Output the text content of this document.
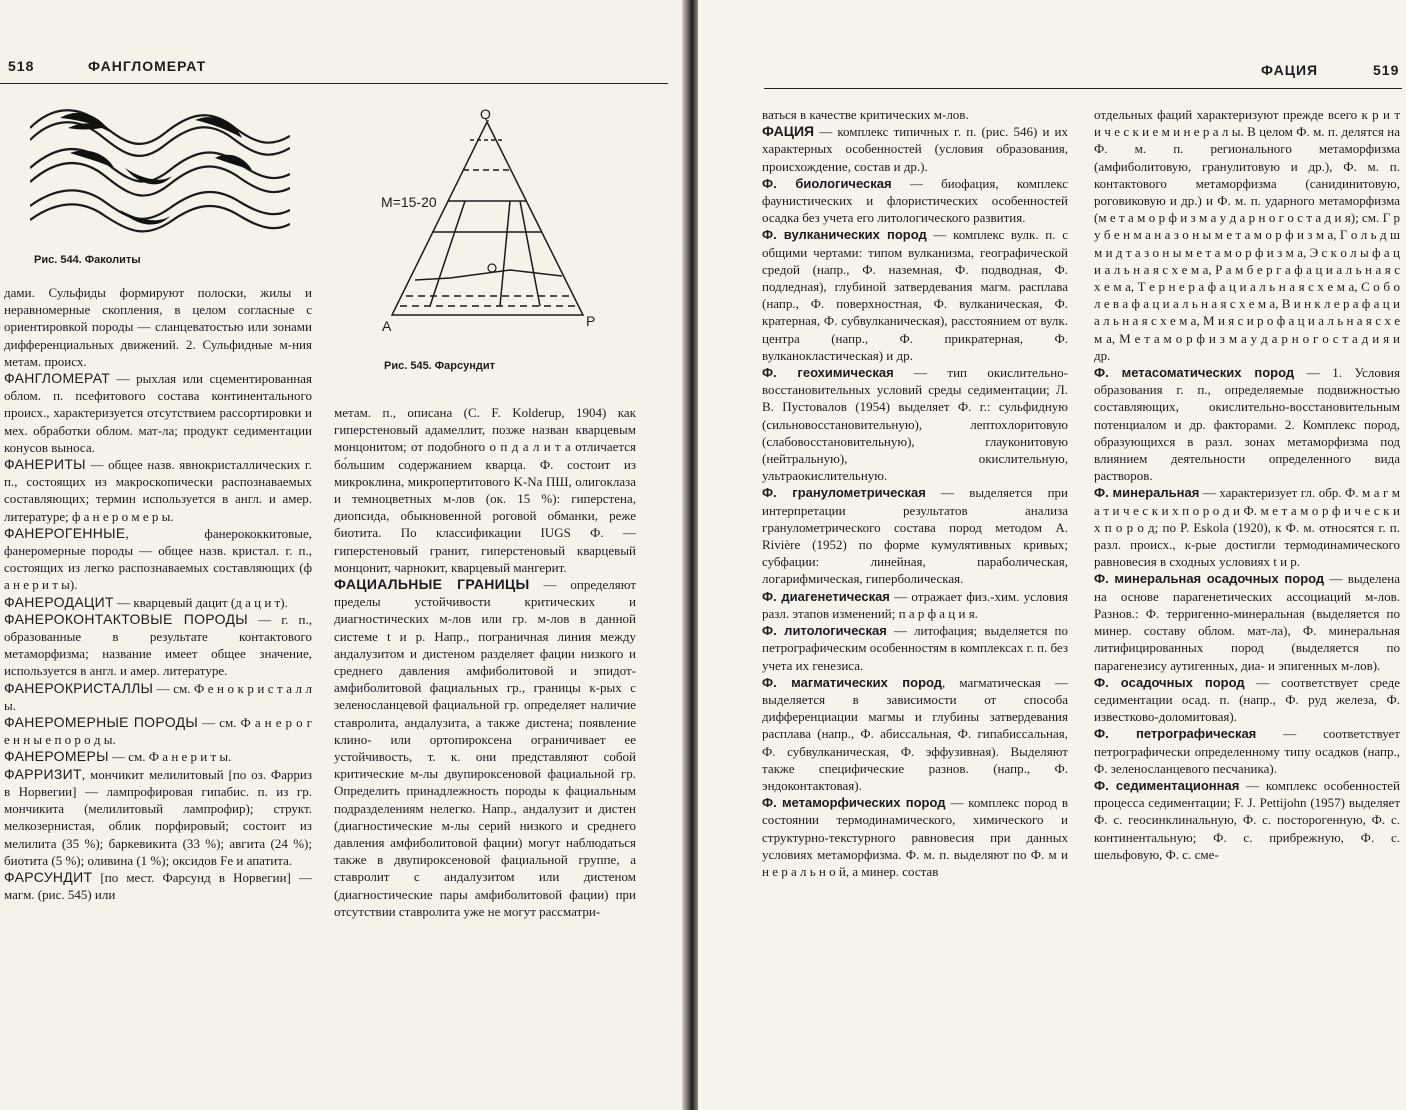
518	ФАНГЛОМЕРАТ
Рис. 544. Факолиты
Q
A	P
M=15-20
Рис. 545. Фарсундит

дами. Сульфиды формируют полоски, жилы и неравномерные скопления, в целом согласные с ориентировкой породы — сланцеватостью или зонами дифференциальных движений. 2. Сульфидные м-ния метам. происх.

ФАНГЛОМЕРАТ — рыхлая или сцементированная облом. п. псефитового состава континентального происх., характеризуется отсутствием рассортировки и мех. обработки облом. мат-ла; продукт седиментации конусов выноса.

ФАНЕРИТЫ — общее назв. явнокристаллических г. п., состоящих из макроскопически распознаваемых составляющих; термин используется в англ. и амер. литературе; ф а н е р о м е р ы.

ФАНЕРОГЕННЫЕ, фанерококкитовые, фанеромерные породы — общее назв. кристал. г. п., состоящих из легко распознаваемых составляющих (ф а н е р и т ы).

ФАНЕРОДАЦИТ — кварцевый дацит (д а ц и т).

ФАНЕРОКОНТАКТОВЫЕ ПОРОДЫ — г. п., образованные в результате контактового метаморфизма; название имеет общее значение, используется в англ. и амер. литературе.

ФАНЕРОКРИСТАЛЛЫ — см. Ф е н о к р и с т а л л ы.

ФАНЕРОМЕРНЫЕ ПОРОДЫ — см. Ф а н е р о г е н н ы е п о р о д ы.

ФАНЕРОМЕРЫ — см. Ф а н е р и т ы.

ФАРРИЗИТ, мончикит мелилитовый [по оз. Фарриз в Норвегии] — лампрофировая гипабис. п. из гр. мончикита (мелилитовый лампрофир); структ. мелкозернистая, облик порфировый; состоит из мелилита (35 %); баркевикита (33 %); авгита (24 %); биотита (5 %); оливина (1 %); оксидов Fe и апатита.

ФАРСУНДИТ [по мест. Фарсунд в Норвегии] — магм. (рис. 545) или

метам. п., описана (C. F. Kolderup, 1904) как гиперстеновый адамеллит, позже назван кварцевым монцонитом; от подобного о п д а л и т а отличается бо́льшим содержанием кварца. Ф. состоит из микроклина, микропертитового K-Na ПШ, олигоклаза и темноцветных м-лов (ок. 15 %): гиперстена, диопсида, обыкновенной роговой обманки, реже биотита. По классификации IUGS Ф. — гиперстеновый гранит, гиперстеновый кварцевый монцонит, чарнокит, кварцевый мангерит.

ФАЦИАЛЬНЫЕ ГРАНИЦЫ — определяют пределы устойчивости критических и диагностических м-лов или гр. м-лов в данной системе t и p. Напр., пограничная линия между андалузитом и дистеном разделяет фации низкого и среднего давления амфиболитовой и эпидот-амфиболитовой фациальных гр., границы к-рых с зеленосланцевой фациальной гр. определяет наличие ставролита, андалузита, а также дистена; появление клино- или ортопироксена ограничивает ее устойчивость, т. к. они представляют собой критические м-лы двупироксеновой фациальной гр. Определить принадлежность породы к фациальным подразделениям нелегко. Напр., андалузит и дистен (диагностические м-лы серий низкого и среднего давления амфиболитовой фации) могут наблюдаться также в двупироксеновой фациальной группе, а ставролит с андалузитом или дистеном (диагностические пары амфиболитовой фации) при отсутствии ставролита уже не могут рассматри-

ФАЦИЯ	519

ваться в качестве критических м-лов.

ФАЦИЯ — комплекс типичных г. п. (рис. 546) и их характерных особенностей (условия образования, происхождение, состав и др.).

Ф. биологическая — биофация, комплекс фаунистических и флористических особенностей осадка без учета его литологического развития.

Ф. вулканических пород — комплекс вулк. п. с общими чертами: типом вулканизма, географической средой (напр., Ф. наземная, Ф. подводная, Ф. подледная), глубиной затвердевания магм. расплава (напр., Ф. поверхностная, Ф. вулканическая, Ф. кратерная, Ф. субвулканическая), расстоянием от вулк. центра (напр., Ф. прикратерная, Ф. вулканокластическая) и др.

Ф. геохимическая — тип окислительно-восстановительных условий среды седиментации; Л. В. Пустовалов (1954) выделяет Ф. г.: сульфидную (сильновосстановительную), лептохлоритовую (слабовосстановительную), глауконитовую (нейтральную), окислительную, ультраокислительную.

Ф. гранулометрическая — выделяется при интерпретации результатов анализа гранулометрического состава пород методом A. Rivière (1952) по форме кумулятивных кривых; субфации: линейная, параболическая, логарифмическая, гиперболическая.

Ф. диагенетическая — отражает физ.-хим. условия разл. этапов изменений; п а р ф а ц и я.

Ф. литологическая — литофация; выделяется по петрографическим особенностям в комплексах г. п. без учета их генезиса.

Ф. магматических пород, магматическая — выделяется в зависимости от способа дифференциации магмы и глубины затвердевания расплава (напр., Ф. абиссальная, Ф. гипабиссальная, Ф. субвулканическая, Ф. эффузивная). Выделяют также специфические разнов. (напр., Ф. эндоконтактовая).

Ф. метаморфических пород — комплекс пород в состоянии термодинамического, химического и структурно-текстурного равновесия при данных условиях метаморфизма. Ф. м. п. выделяют по Ф. м и н е р а л ь н о й, а минер. состав

отдельных фаций характеризуют прежде всего к р и т и ч е с к и е м и н е р а л ы. В целом Ф. м. п. делятся на Ф. м. п. регионального метаморфизма (амфиболитовую, гранулитовую и др.), Ф. м. п. контактового метаморфизма (санидинитовую, роговиковую и др.) и Ф. м. п. ударного метаморфизма (м е т а м о р ф и з м а у д а р н о г о с т а д и я); см. Г р у б е н м а н а з о н ы м е т а м о р ф и з м а, Г о л ь д ш м и д т а з о н ы м е т а м о р ф и з м а, Э с к о л ы ф а ц и а л ь н а я с х е м а, Р а м б е р г а ф а ц и а л ь н а я с х е м а, Т е р н е р а ф а ц и а л ь н а я с х е м а, С о б о л е в а ф а ц и а л ь н а я с х е м а, В и н к л е р а ф а ц и а л ь н а я с х е м а, М и я с и р о ф а ц и а л ь н а я с х е м а, М е т а м о р ф и з м а у д а р н о г о с т а д и я и др.

Ф. метасоматических пород — 1. Условия образования г. п., определяемые подвижностью составляющих, окислительно-восстановительным потенциалом и др. факторами. 2. Комплекс пород, образующихся в разл. зонах метаморфизма под влиянием деятельности определенного вида растворов.

Ф. минеральная — характеризует гл. обр. Ф. м а г м а т и ч е с к и х п о р о д и Ф. м е т а м о р ф и ч е с к и х п о р о д; по P. Eskola (1920), к Ф. м. относятся г. п. разл. происх., к-рые достигли термодинамического равновесия в сходных условиях t и p.

Ф. минеральная осадочных пород — выделена на основе парагенетических ассоциаций м-лов. Разнов.: Ф. терригенно-минеральная (выделяется по минер. составу облом. мат-ла), Ф. минеральная литифицированных пород (выделяется по парагенезису аутигенных, диа- и эпигенных м-лов).

Ф. осадочных пород — соответствует среде седиментации осад. п. (напр., Ф. руд железа, Ф. известково-доломитовая).

Ф. петрографическая — соответствует петрографически определенному типу осадков (напр., Ф. зеленосланцевого песчаника).

Ф. седиментационная — комплекс особенностей процесса седиментации; F. J. Pettijohn (1957) выделяет Ф. с. геосинклинальную, Ф. с. посторогенную, Ф. с. континентальную; Ф. с. прибрежную, Ф. с. шельфовую, Ф. с. сме-
